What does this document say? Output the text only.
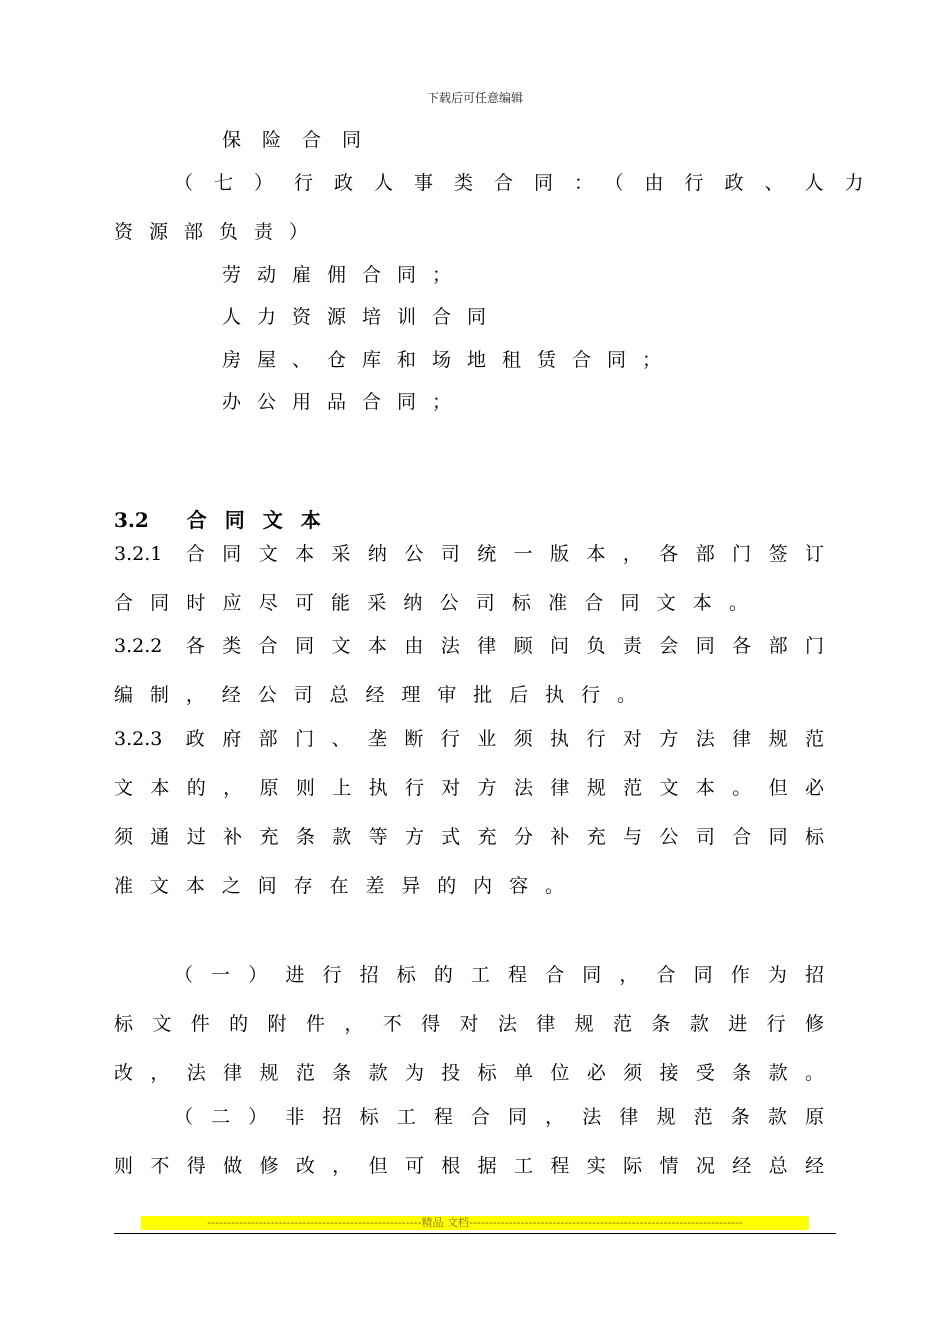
下载后可任意编辑
保险合同
（七）行政人事类合同：（由行政、人力
资源部负责）
劳动雇佣合同；
人力资源培训合同
房屋、仓库和场地租赁合同；
办公用品合同；
3.2 合同文本
3.2.1 合同文本采纳公司统一版本，各部门签订
合同时应尽可能采纳公司标准合同文本。
3.2.2 各类合同文本由法律顾问负责会同各部门
编制，经公司总经理审批后执行。
3.2.3 政府部门、垄断行业须执行对方法律规范
文本的，原则上执行对方法律规范文本。但必
须通过补充条款等方式充分补充与公司合同标
准文本之间存在差异的内容。
（一）进行招标的工程合同，合同作为招
标文件的附件，不得对法律规范条款进行修
改，法律规范条款为投标单位必须接受条款。
（二）非招标工程合同，法律规范条款原
则不得做修改，但可根据工程实际情况经总经
------------------------------------------------------精品 文档---------------------------------------------------------------------
